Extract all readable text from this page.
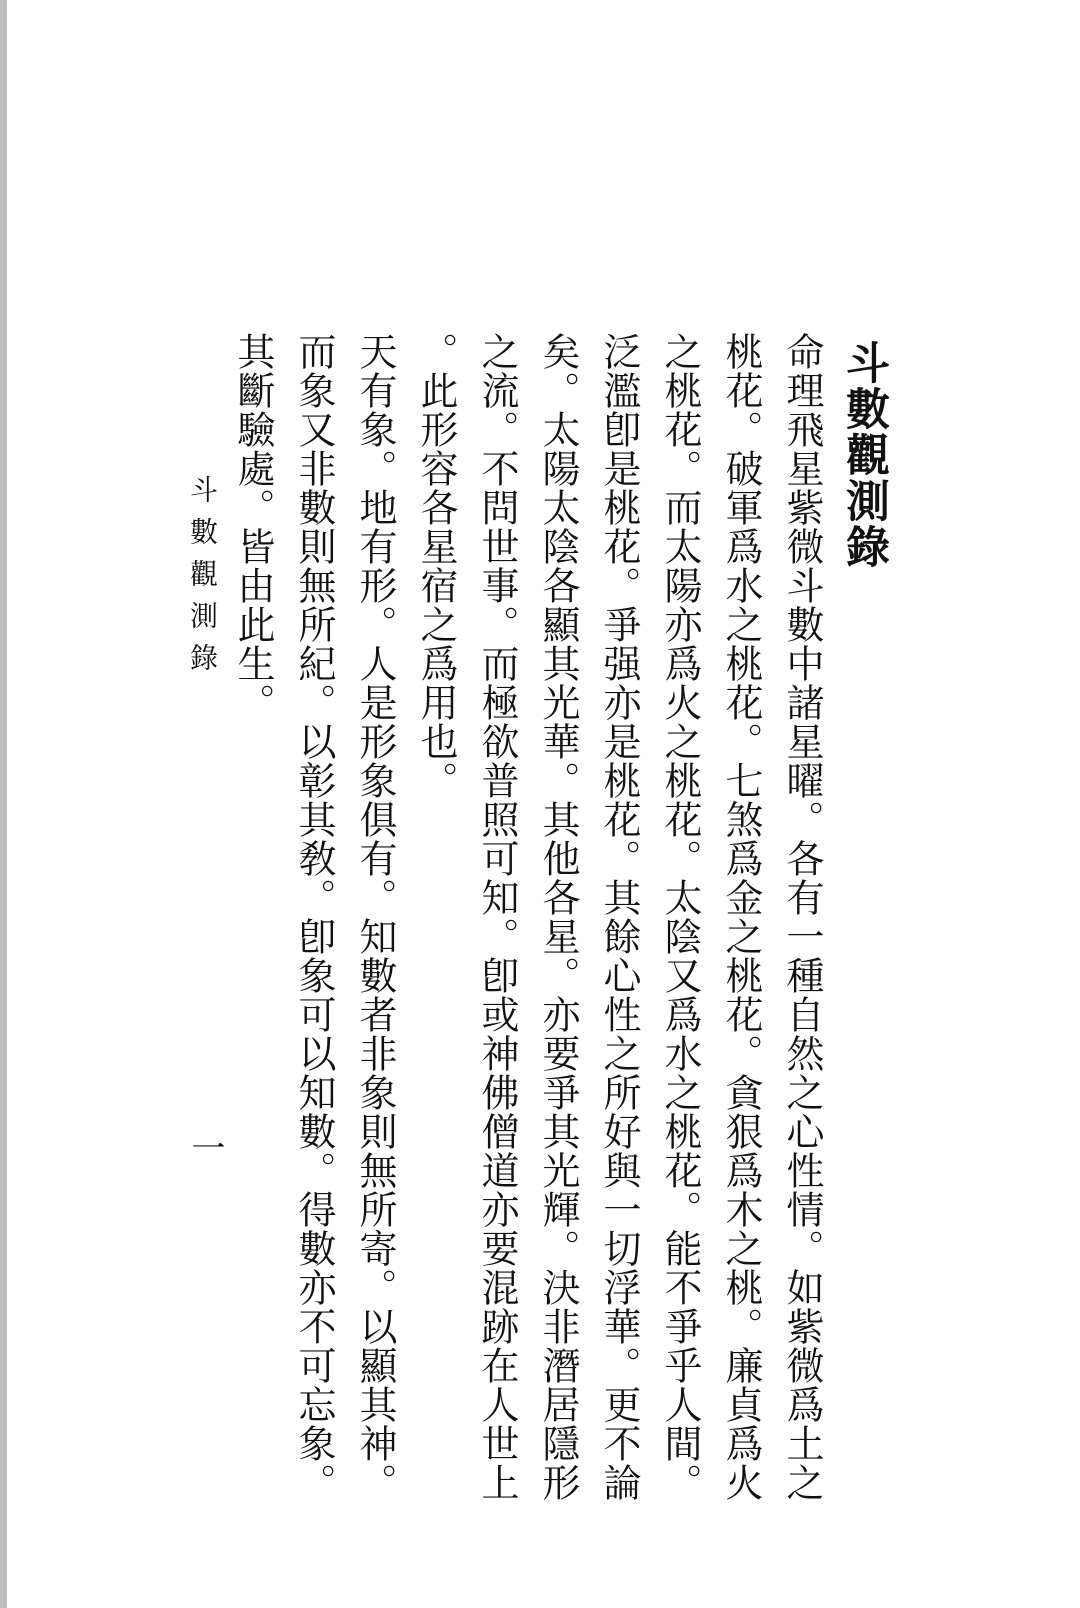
斗數觀測錄

命理飛星紫微斗數中諸星曜。各有一種自然之心性情。如紫微爲土之

桃花。破軍爲水之桃花。七煞爲金之桃花。貪狠爲木之桃。廉貞爲火

之桃花。而太陽亦爲火之桃花。太陰又爲水之桃花。能不爭乎人間。

泛濫卽是桃花。爭强亦是桃花。其餘心性之所好與一切浮華。更不論

矣。太陽太陰各顯其光華。其他各星。亦要爭其光輝。決非潛居隱形

之流。不問世事。而極欲普照可知。卽或神佛僧道亦要混跡在人世上

。此形容各星宿之爲用也。

天有象。地有形。人是形象俱有。知數者非象則無所寄。以顯其神。

而象又非數則無所紀。以彰其敎。卽象可以知數。得數亦不可忘象。

其斷驗處。皆由此生。

斗數觀測錄
一
